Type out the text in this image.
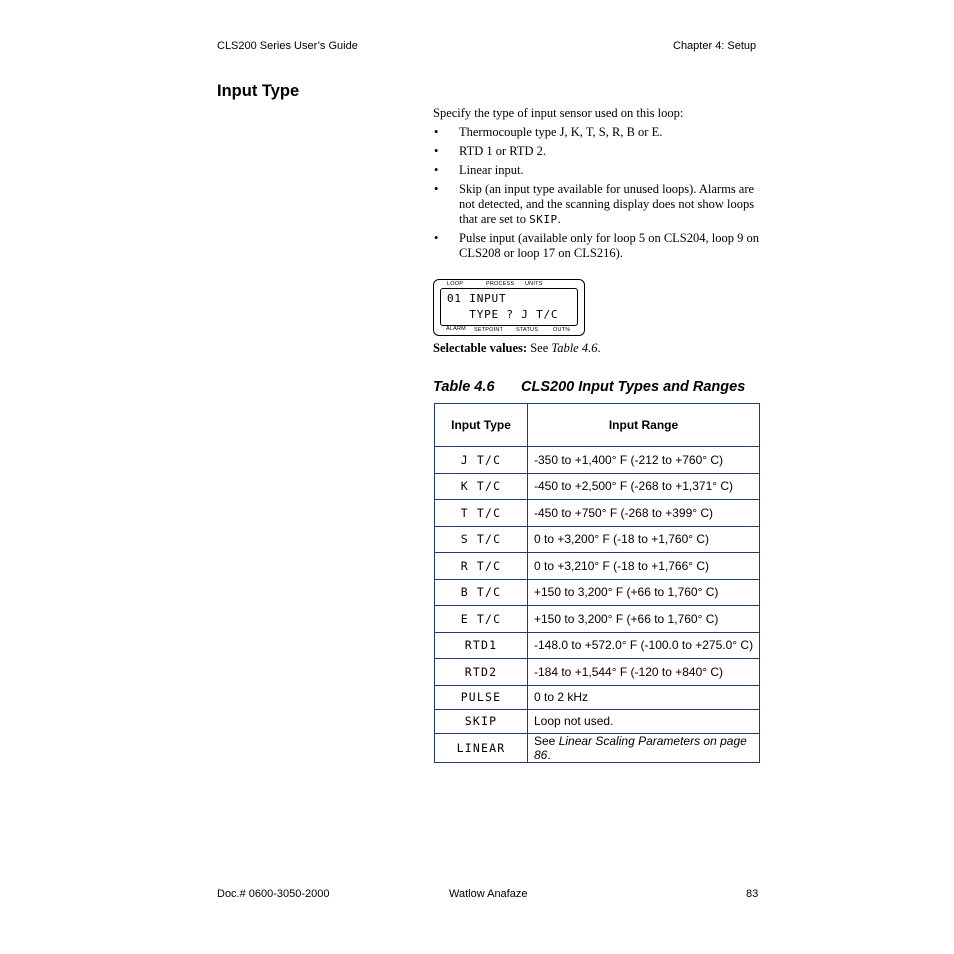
CLS200 Series User’s Guide	Chapter 4: Setup
Input Type
Specify the type of input sensor used on this loop:
• Thermocouple type J, K, T, S, R, B or E.
• RTD 1 or RTD 2.
• Linear input.
• Skip (an input type available for unused loops). Alarms are not detected, and the scanning display does not show loops that are set to SKIP.
• Pulse input (available only for loop 5 on CLS204, loop 9 on CLS208 or loop 17 on CLS216).
LOOP	PROCESS UNITS
01 INPUT
TYPE ? J T/C
ALARM SETPOINT STATUS	OUT%
Selectable values: See Table 4.6.
Table 4.6 CLS200 Input Types and Ranges
Input Type	Input Range
J T/C	-350 to +1,400° F (-212 to +760° C)
K T/C	-450 to +2,500° F (-268 to +1,371° C)
T T/C	-450 to +750° F (-268 to +399° C)
S T/C	0 to +3,200° F (-18 to +1,760° C)
R T/C	0 to +3,210° F (-18 to +1,766° C)
B T/C	+150 to 3,200° F (+66 to 1,760° C)
E T/C	+150 to 3,200° F (+66 to 1,760° C)
RTD1	-148.0 to +572.0° F (-100.0 to +275.0° C)
RTD2	-184 to +1,544° F (-120 to +840° C)
PULSE	0 to 2 kHz
SKIP	Loop not used.
LINEAR	See Linear Scaling Parameters on page 86.
Doc.# 0600-3050-2000	Watlow Anafaze	83
